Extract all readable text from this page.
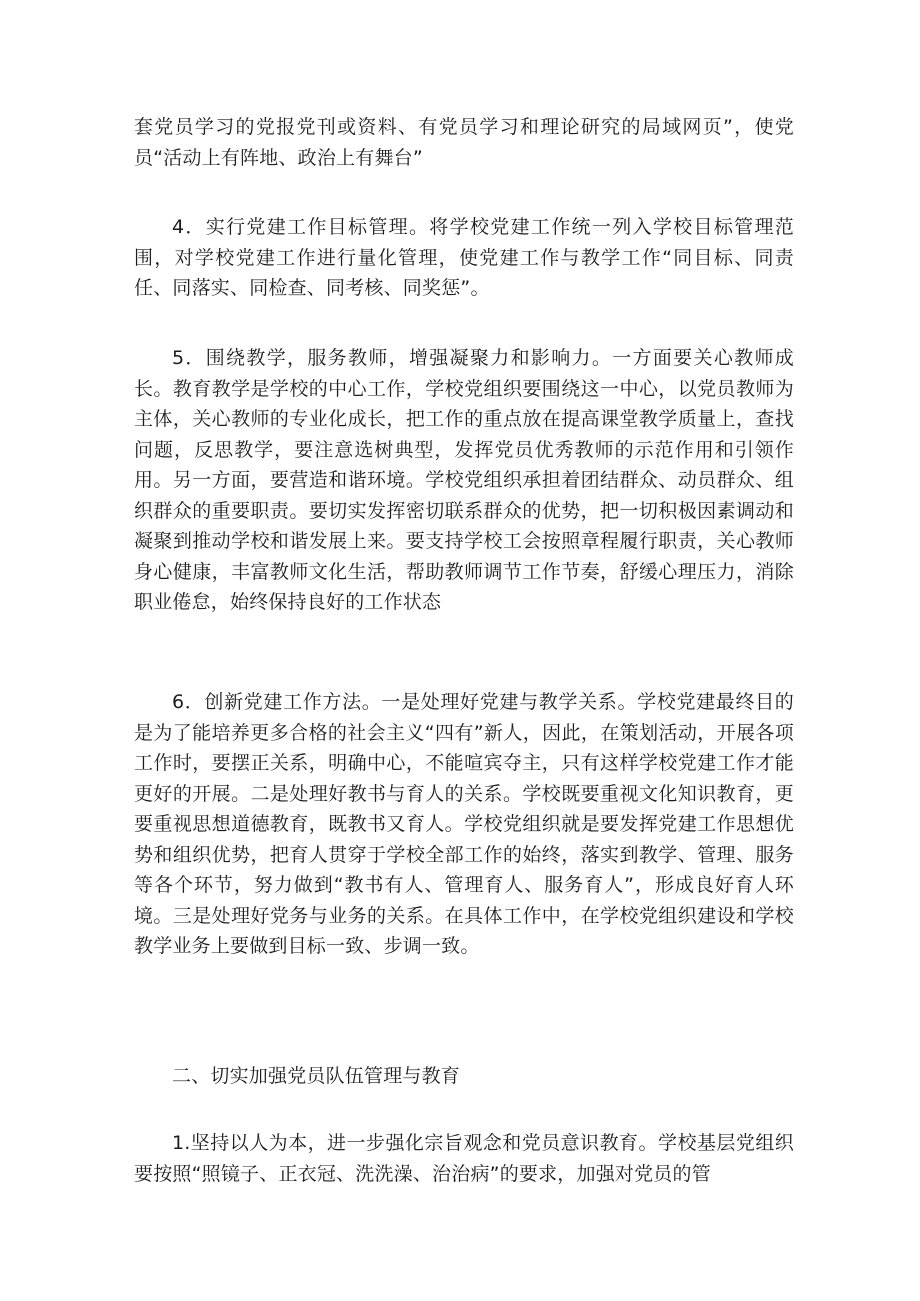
套党员学习的党报党刊或资料、有党员学习和理论研究的局域网页”，使党员“活动上有阵地、政治上有舞台”

4．实行党建工作目标管理。将学校党建工作统一列入学校目标管理范围，对学校党建工作进行量化管理，使党建工作与教学工作“同目标、同责任、同落实、同检查、同考核、同奖惩”。

5．围绕教学，服务教师，增强凝聚力和影响力。一方面要关心教师成长。教育教学是学校的中心工作，学校党组织要围绕这一中心，以党员教师为主体，关心教师的专业化成长，把工作的重点放在提高课堂教学质量上，查找问题，反思教学，要注意选树典型，发挥党员优秀教师的示范作用和引领作用。另一方面，要营造和谐环境。学校党组织承担着团结群众、动员群众、组织群众的重要职责。要切实发挥密切联系群众的优势，把一切积极因素调动和凝聚到推动学校和谐发展上来。要支持学校工会按照章程履行职责，关心教师身心健康，丰富教师文化生活，帮助教师调节工作节奏，舒缓心理压力，消除职业倦怠，始终保持良好的工作状态

6．创新党建工作方法。一是处理好党建与教学关系。学校党建最终目的是为了能培养更多合格的社会主义“四有”新人，因此，在策划活动，开展各项工作时，要摆正关系，明确中心，不能喧宾夺主，只有这样学校党建工作才能更好的开展。二是处理好教书与育人的关系。学校既要重视文化知识教育，更要重视思想道德教育，既教书又育人。学校党组织就是要发挥党建工作思想优势和组织优势，把育人贯穿于学校全部工作的始终，落实到教学、管理、服务等各个环节，努力做到“教书有人、管理育人、服务育人”，形成良好育人环境。三是处理好党务与业务的关系。在具体工作中，在学校党组织建设和学校教学业务上要做到目标一致、步调一致。

二、切实加强党员队伍管理与教育

1.坚持以人为本，进一步强化宗旨观念和党员意识教育。学校基层党组织要按照“照镜子、正衣冠、洗洗澡、治治病”的要求，加强对党员的管
